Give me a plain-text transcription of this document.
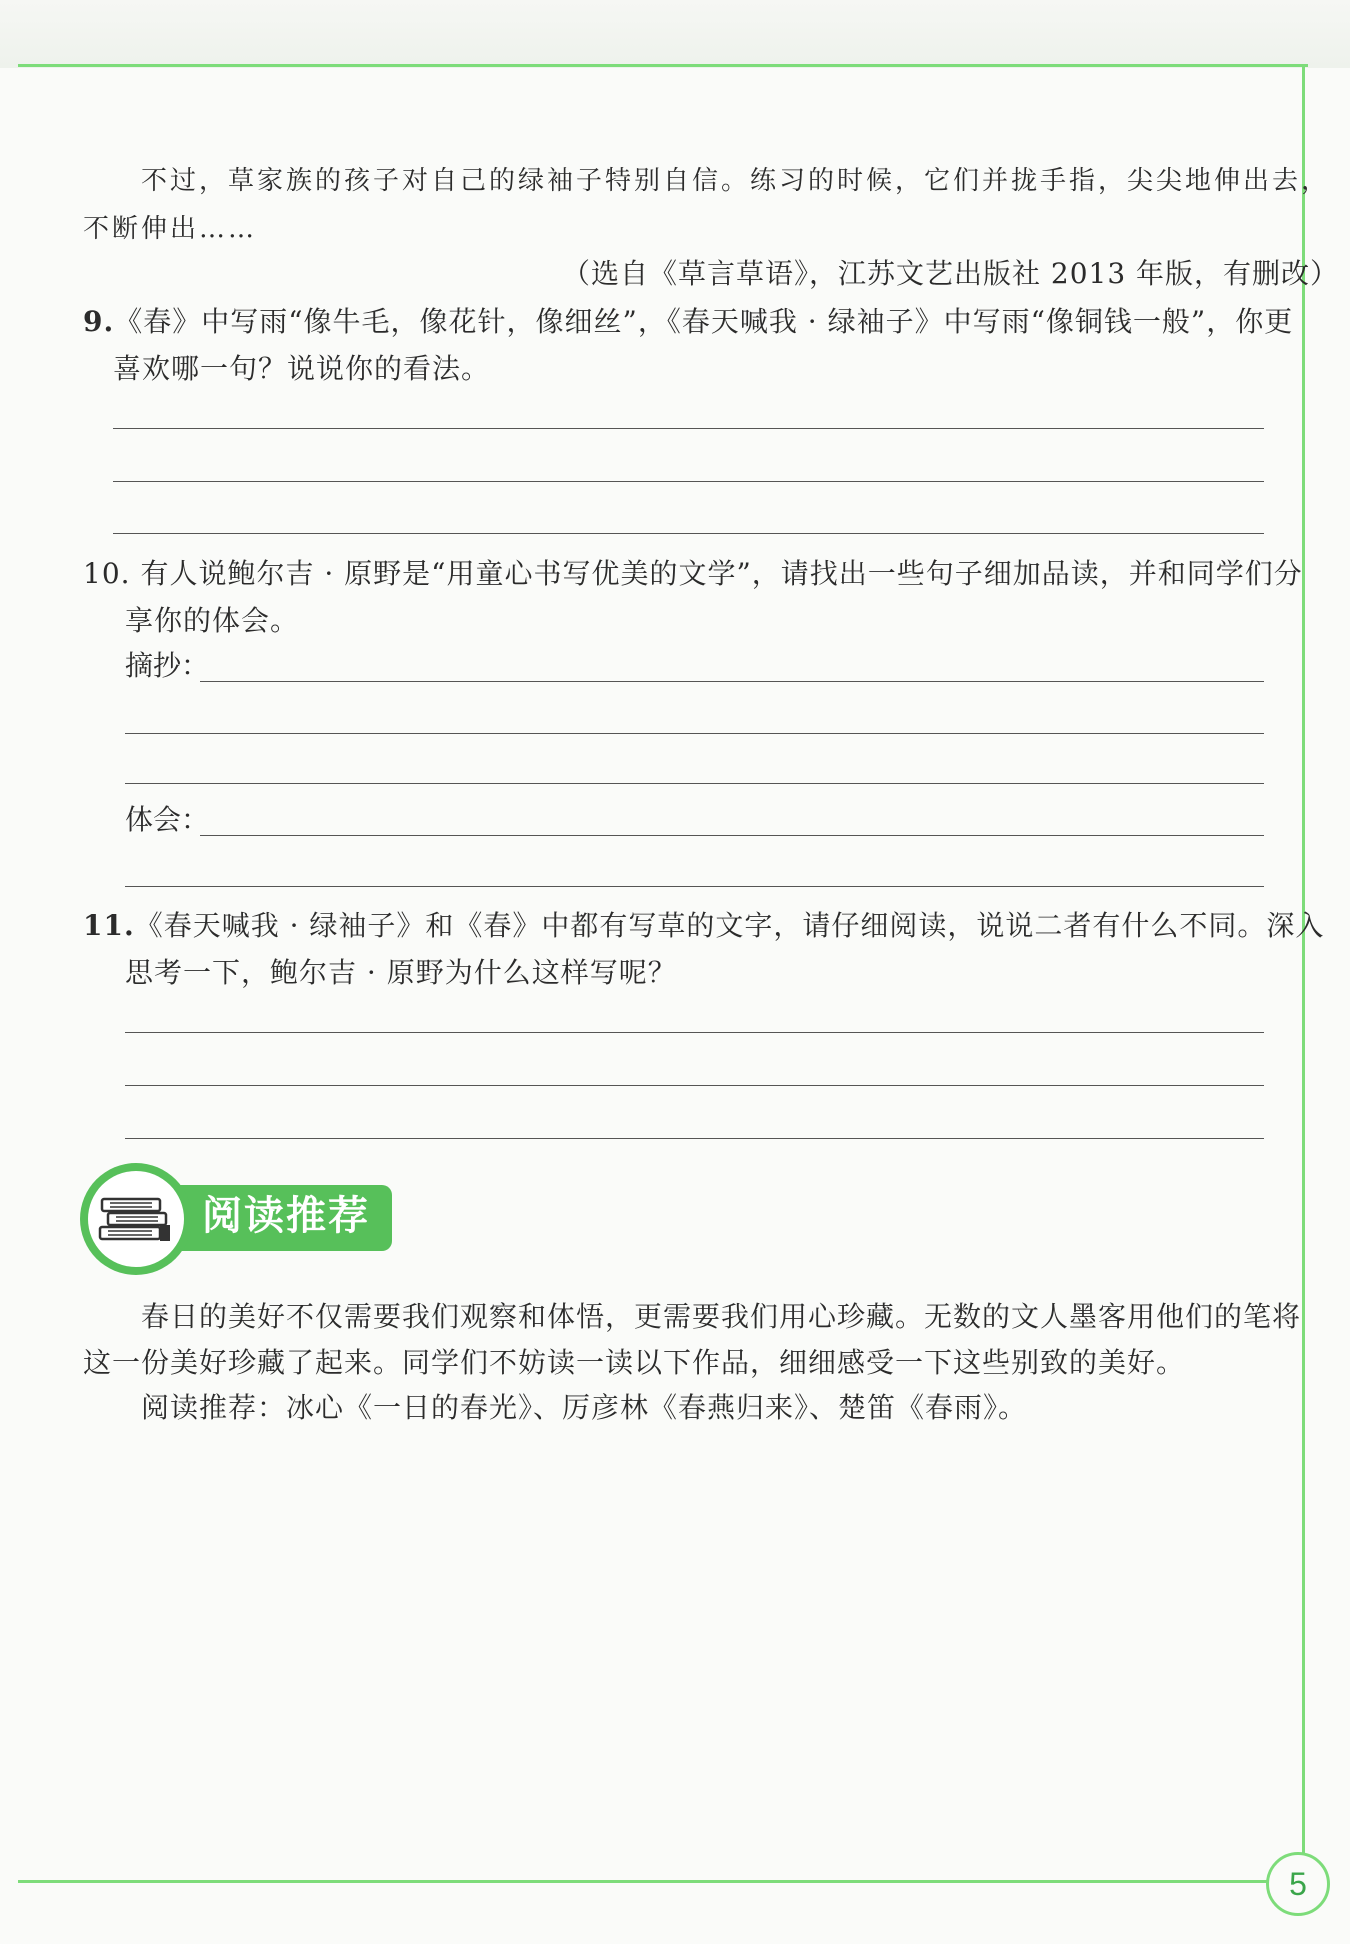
不过，草家族的孩子对自己的绿袖子特别自信。练习的时候，它们并拢手指，尖尖地伸出去，
不断伸出……
（选自《草言草语》，江苏文艺出版社 2013 年版，有删改）
9.《春》中写雨“像牛毛，像花针，像细丝”，《春天喊我 · 绿袖子》中写雨“像铜钱一般”，你更
喜欢哪一句？说说你的看法。
10. 有人说鲍尔吉 · 原野是“用童心书写优美的文学”，请找出一些句子细加品读，并和同学们分
享你的体会。
摘抄：
体会：
11.《春天喊我 · 绿袖子》和《春》中都有写草的文字，请仔细阅读，说说二者有什么不同。深入
思考一下，鲍尔吉 · 原野为什么这样写呢？
阅读推荐
春日的美好不仅需要我们观察和体悟，更需要我们用心珍藏。无数的文人墨客用他们的笔将
这一份美好珍藏了起来。同学们不妨读一读以下作品，细细感受一下这些别致的美好。
阅读推荐：冰心《一日的春光》、厉彦林《春燕归来》、楚笛《春雨》。
5
